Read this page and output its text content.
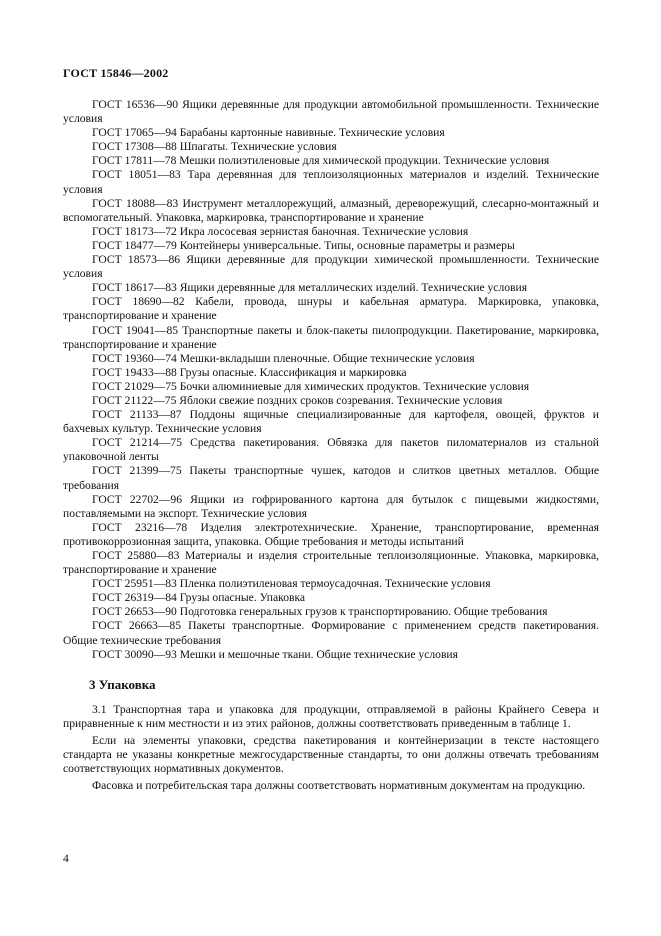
ГОСТ 15846—2002

ГОСТ 16536—90 Ящики деревянные для продукции автомобильной промышленности. Технические условия

ГОСТ 17065—94 Барабаны картонные навивные. Технические условия

ГОСТ 17308—88 Шпагаты. Технические условия

ГОСТ 17811—78 Мешки полиэтиленовые для химической продукции. Технические условия

ГОСТ 18051—83 Тара деревянная для теплоизоляционных материалов и изделий. Технические условия

ГОСТ 18088—83 Инструмент металлорежущий, алмазный, дереворежущий, слесарно-монтажный и вспомогательный. Упаковка, маркировка, транспортирование и хранение

ГОСТ 18173—72 Икра лососевая зернистая баночная. Технические условия

ГОСТ 18477—79 Контейнеры универсальные. Типы, основные параметры и размеры

ГОСТ 18573—86 Ящики деревянные для продукции химической промышленности. Технические условия

ГОСТ 18617—83 Ящики деревянные для металлических изделий. Технические условия

ГОСТ 18690—82 Кабели, провода, шнуры и кабельная арматура. Маркировка, упаковка, транспортирование и хранение

ГОСТ 19041—85 Транспортные пакеты и блок-пакеты пилопродукции. Пакетирование, маркировка, транспортирование и хранение

ГОСТ 19360—74 Мешки-вкладыши пленочные. Общие технические условия

ГОСТ 19433—88 Грузы опасные. Классификация и маркировка

ГОСТ 21029—75 Бочки алюминиевые для химических продуктов. Технические условия

ГОСТ 21122—75 Яблоки свежие поздних сроков созревания. Технические условия

ГОСТ 21133—87 Поддоны ящичные специализированные для картофеля, овощей, фруктов и бахчевых культур. Технические условия

ГОСТ 21214—75 Средства пакетирования. Обвязка для пакетов пиломатериалов из стальной упаковочной ленты

ГОСТ 21399—75 Пакеты транспортные чушек, катодов и слитков цветных металлов. Общие требования

ГОСТ 22702—96 Ящики из гофрированного картона для бутылок с пищевыми жидкостями, поставляемыми на экспорт. Технические условия

ГОСТ 23216—78 Изделия электротехнические. Хранение, транспортирование, временная противокоррозионная защита, упаковка. Общие требования и методы испытаний

ГОСТ 25880—83 Материалы и изделия строительные теплоизоляционные. Упаковка, маркировка, транспортирование и хранение

ГОСТ 25951—83 Пленка полиэтиленовая термоусадочная. Технические условия

ГОСТ 26319—84 Грузы опасные. Упаковка

ГОСТ 26653—90 Подготовка генеральных грузов к транспортированию. Общие требования

ГОСТ 26663—85 Пакеты транспортные. Формирование с применением средств пакетирования. Общие технические требования

ГОСТ 30090—93 Мешки и мешочные ткани. Общие технические условия

3 Упаковка

3.1 Транспортная тара и упаковка для продукции, отправляемой в районы Крайнего Севера и приравненные к ним местности и из этих районов, должны соответствовать приведенным в таблице 1.

Если на элементы упаковки, средства пакетирования и контейнеризации в тексте настоящего стандарта не указаны конкретные межгосударственные стандарты, то они должны отвечать требованиям соответствующих нормативных документов.

Фасовка и потребительская тара должны соответствовать нормативным документам на продукцию.

4
